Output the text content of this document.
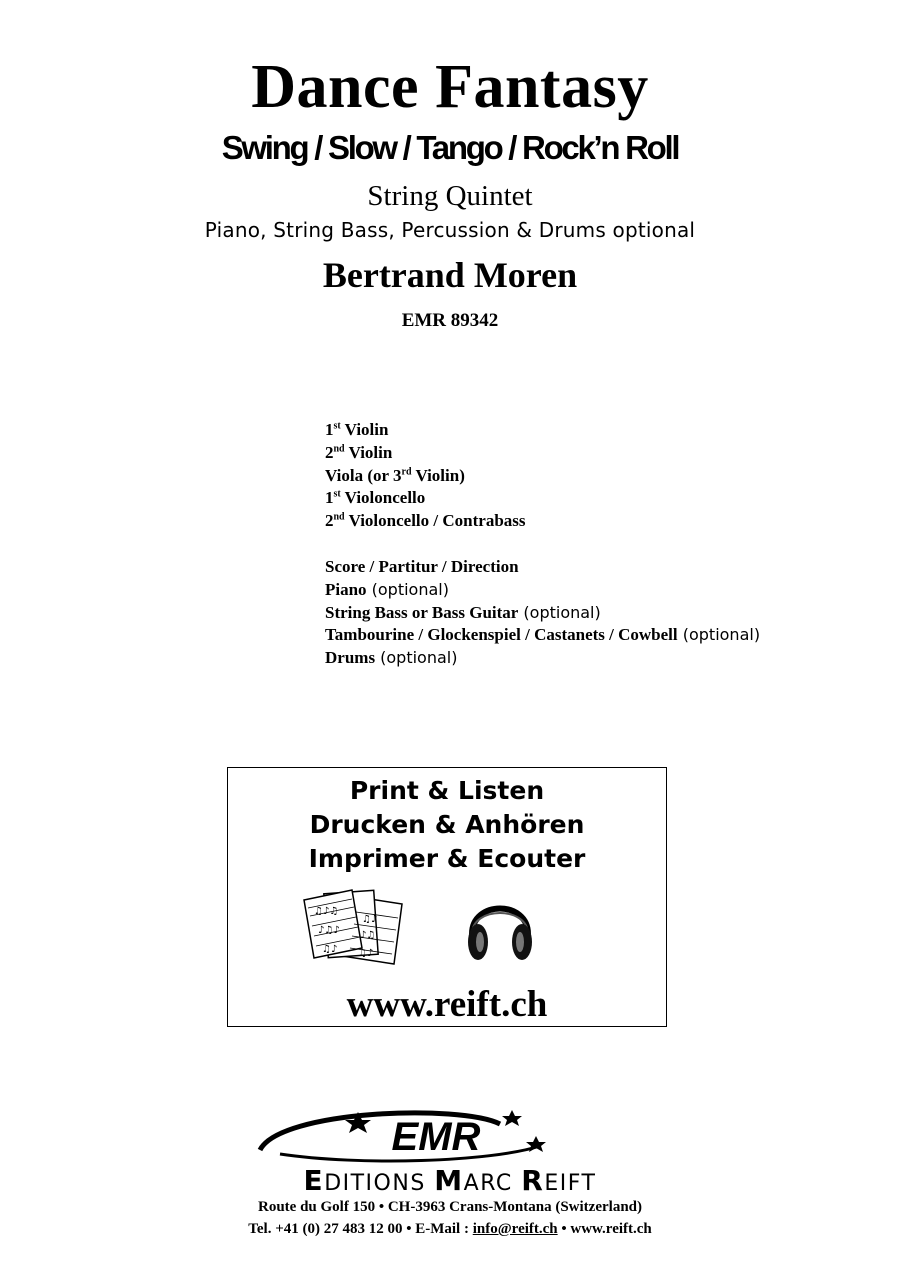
Dance Fantasy
Swing / Slow / Tango / Rock’n Roll
String Quintet
Piano, String Bass, Percussion & Drums optional
Bertrand Moren
EMR 89342
1st Violin
2nd Violin
Viola (or 3rd Violin)
1st Violoncello
2nd Violoncello / Contrabass
Score / Partitur / Direction
Piano (optional)
String Bass or Bass Guitar (optional)
Tambourine / Glockenspiel / Castanets / Cowbell (optional)
Drums (optional)
Print & Listen
Drucken & Anhören
Imprimer & Ecouter
♫♪♫
♪♫♪
♫♪
♫♪
♪♫
♫♪
www.reift.ch
EMR
EDITIONS MARC REIFT
Route du Golf 150 • CH-3963 Crans-Montana (Switzerland)
Tel. +41 (0) 27 483 12 00 • E-Mail : info@reift.ch • www.reift.ch
